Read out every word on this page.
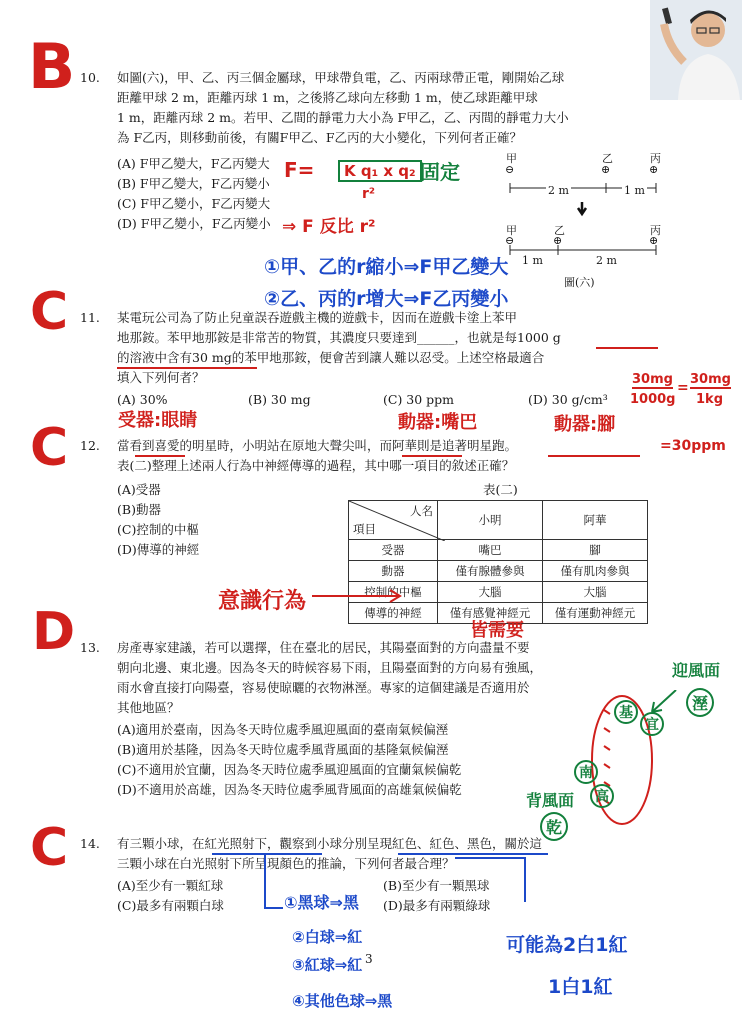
B
C
C
D
C
10. 如圖(六)，甲、乙、丙三個金屬球，甲球帶負電，乙、丙兩球帶正電，剛開始乙球
距離甲球 2 m，距離丙球 1 m，之後將乙球向左移動 1 m，使乙球距離甲球
1 m，距離丙球 2 m。若甲、乙間的靜電力大小為 F甲乙，乙、丙間的靜電力大小
為 F乙丙，則移動前後，有關F甲乙、F乙丙的大小變化，下列何者正確？
(A) F甲乙變大，F乙丙變大
(B) F甲乙變大，F乙丙變小
(C) F甲乙變小，F乙丙變大
(D) F甲乙變小，F乙丙變小
甲	乙	丙
⊖	⊕	⊕
2 m	1 m
甲	乙	丙
⊖	⊕	⊕
1 m	2 m
圖(六)
F=	K q₁ x q₂
r²
固定
⇒ F 反比 r²
①甲、乙的r縮小⇒F甲乙變大
②乙、丙的r增大⇒F乙丙變小
11. 某電玩公司為了防止兒童誤吞遊戲主機的遊戲卡，因而在遊戲卡塗上苯甲
地那銨。苯甲地那銨是非常苦的物質，其濃度只要達到______，也就是每1000 g
的溶液中含有30 mg的苯甲地那銨，便會苦到讓人難以忍受。上述空格最適合
填入下列何者？
(A) 30%	(B) 30 mg	(C) 30 ppm	(D) 30 g/cm³
30mg
1000g
=
30mg
1kg
=30ppm
受器:眼睛	動器:嘴巴	動器:腳
12. 當看到喜愛的明星時，小明站在原地大聲尖叫，而阿華則是追著明星跑。
表(二)整理上述兩人行為中神經傳導的過程，其中哪一項目的敘述正確？
(A)受器
(B)動器
(C)控制的中樞
(D)傳導的神經
表(二)
人名
項目	小明	阿華
受器	嘴巴	腳
動器	僅有腺體參與	僅有肌肉參與
控制的中樞	大腦	大腦
傳導的神經	僅有感覺神經元	僅有運動神經元
意識行為
皆需要
13. 房產專家建議，若可以選擇，住在臺北的居民，其陽臺面對的方向盡量不要
朝向北邊、東北邊。因為冬天的時候容易下雨，且陽臺面對的方向易有強風，
雨水會直接打向陽臺，容易使晾曬的衣物淋溼。專家的這個建議是否適用於
其他地區？
(A)適用於臺南，因為冬天時位處季風迎風面的臺南氣候偏溼
(B)適用於基隆，因為冬天時位處季風背風面的基隆氣候偏溼
(C)不適用於宜蘭，因為冬天時位處季風迎風面的宜蘭氣候偏乾
(D)不適用於高雄，因為冬天時位處季風背風面的高雄氣候偏乾
迎風面
溼
基
宜
南
高
背風面
乾
14. 有三顆小球，在紅光照射下，觀察到小球分別呈現紅色、紅色、黑色，關於這
三顆小球在白光照射下所呈現顏色的推論，下列何者最合理？
(A)至少有一顆紅球	(B)至少有一顆黑球
(C)最多有兩顆白球	(D)最多有兩顆綠球
①黑球⇒黑
②白球⇒紅
③紅球⇒紅
④其他色球⇒黑
可能為2白1紅
1白1紅
3
